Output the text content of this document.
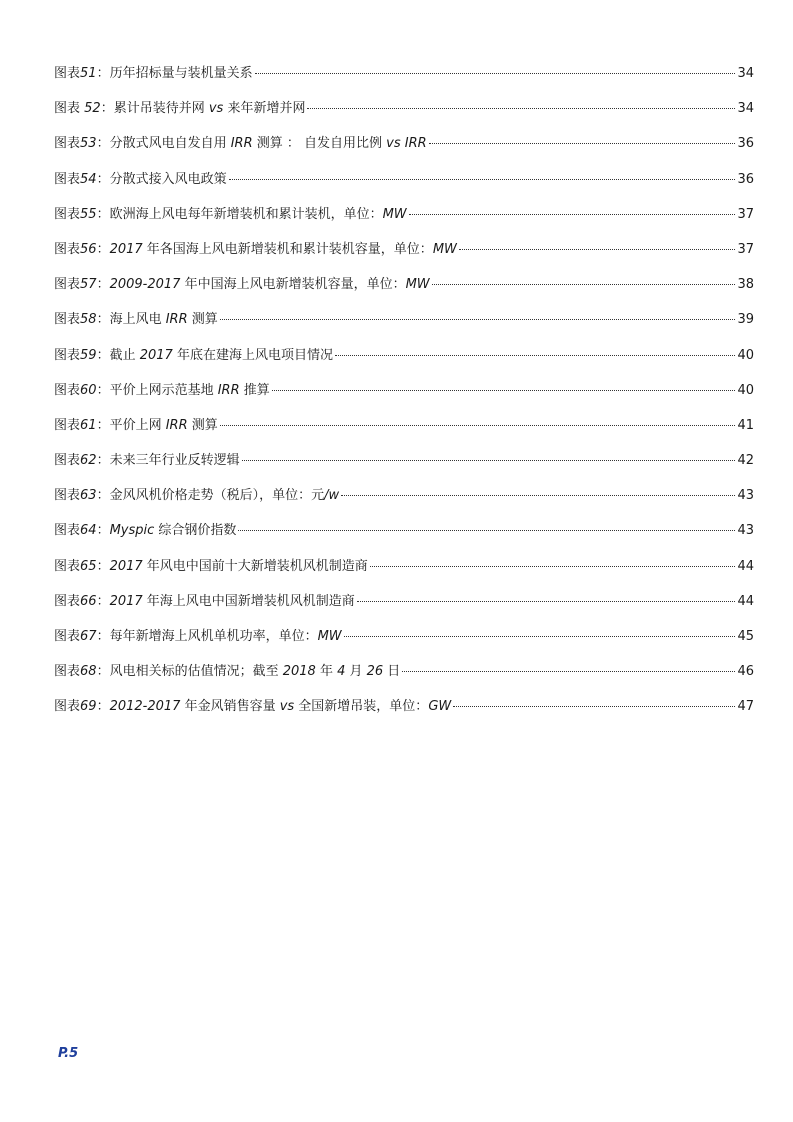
图表51：历年招标量与装机量关系	34
图表 52：累计吊装待并网 vs 来年新增并网	34
图表53：分散式风电自发自用 IRR 测算 ： 自发自用比例 vs IRR	36
图表54：分散式接入风电政策	36
图表55：欧洲海上风电每年新增装机和累计装机，单位：MW	37
图表56：2017 年各国海上风电新增装机和累计装机容量，单位：MW	37
图表57：2009-2017 年中国海上风电新增装机容量，单位：MW	38
图表58：海上风电 IRR 测算	39
图表59：截止 2017 年底在建海上风电项目情况	40
图表60：平价上网示范基地 IRR 推算	40
图表61：平价上网 IRR 测算	41
图表62：未来三年行业反转逻辑	42
图表63：金风风机价格走势（税后），单位：元/w	43
图表64：Myspic 综合钢价指数	43
图表65：2017 年风电中国前十大新增装机风机制造商	44
图表66：2017 年海上风电中国新增装机风机制造商	44
图表67：每年新增海上风机单机功率，单位：MW	45
图表68：风电相关标的估值情况；截至 2018 年 4 月 26 日	46
图表69：2012-2017 年金风销售容量 vs 全国新增吊装，单位：GW	47
P.5
